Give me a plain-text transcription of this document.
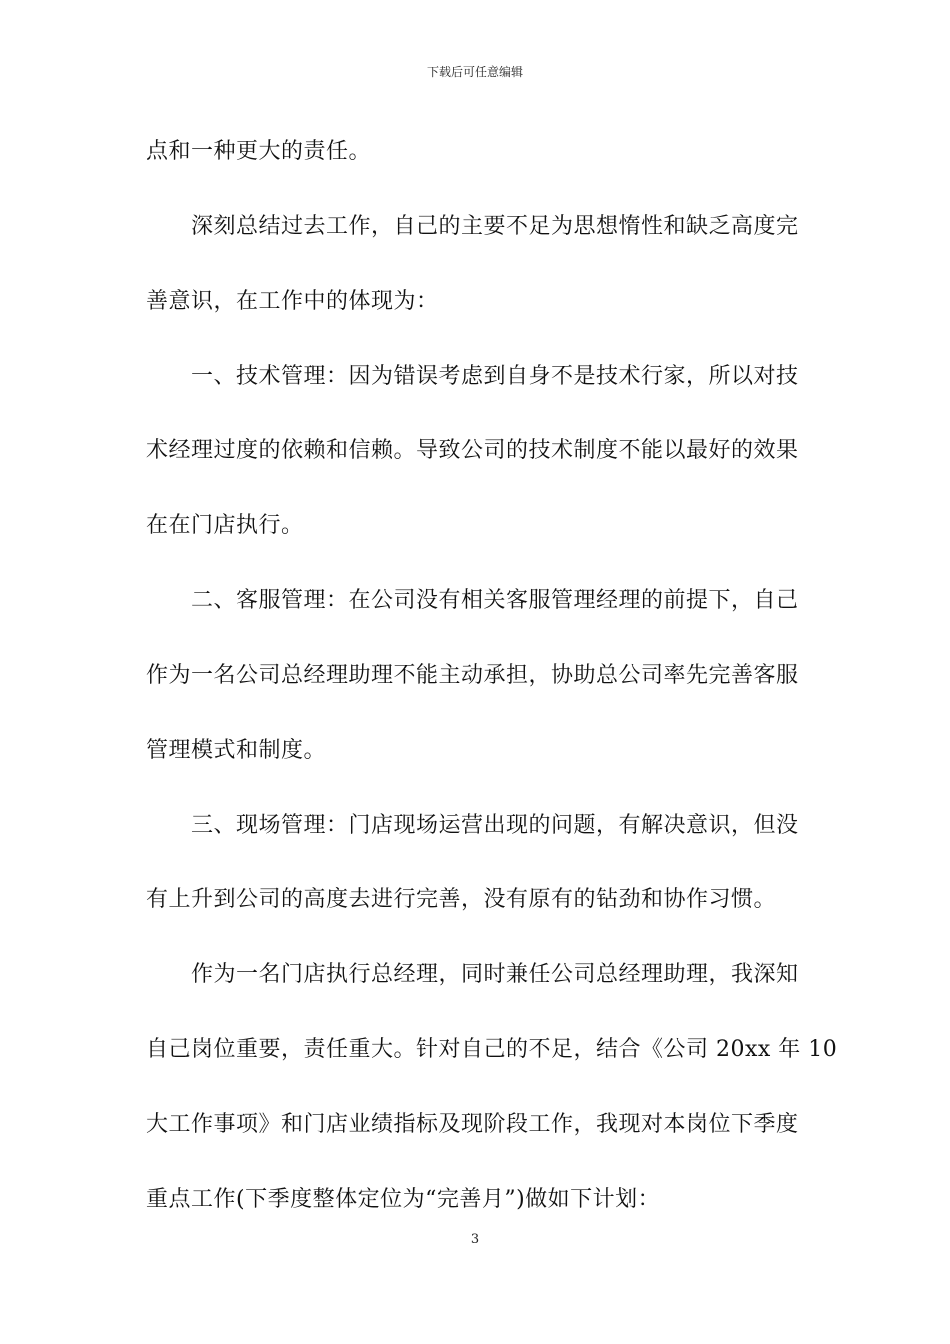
下载后可任意编辑
点和一种更大的责任。
　　深刻总结过去工作，自己的主要不足为思想惰性和缺乏高度完
善意识，在工作中的体现为：
　　一、技术管理：因为错误考虑到自身不是技术行家，所以对技
术经理过度的依赖和信赖。导致公司的技术制度不能以最好的效果
在在门店执行。
　　二、客服管理：在公司没有相关客服管理经理的前提下，自己
作为一名公司总经理助理不能主动承担，协助总公司率先完善客服
管理模式和制度。
　　三、现场管理：门店现场运营出现的问题，有解决意识，但没
有上升到公司的高度去进行完善，没有原有的钻劲和协作习惯。
　　作为一名门店执行总经理，同时兼任公司总经理助理，我深知
自己岗位重要，责任重大。针对自己的不足，结合《公司 20xx 年 10
大工作事项》和门店业绩指标及现阶段工作，我现对本岗位下季度
重点工作(下季度整体定位为“完善月”)做如下计划：
3
